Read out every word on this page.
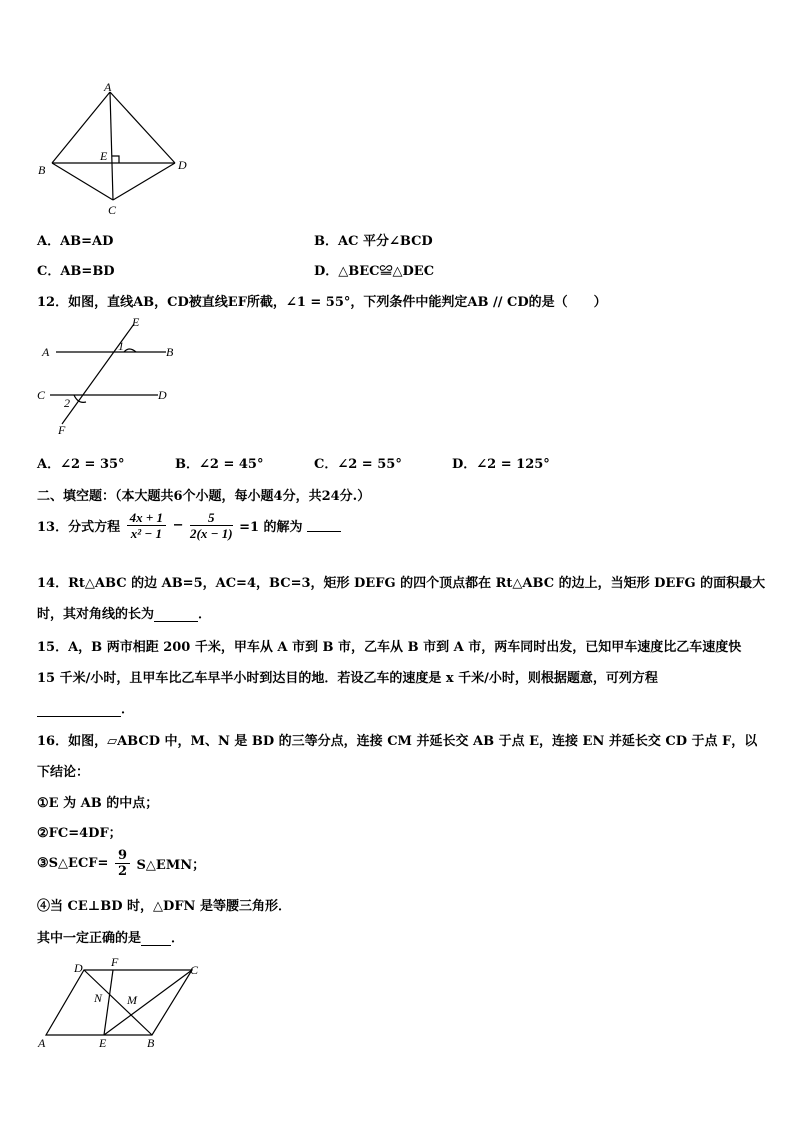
A
B
C
D
E
A．AB=AD	B．AC 平分∠BCD
C．AB=BD	D．△BEC≌△DEC
12．如图，直线AB，CD被直线EF所截，∠1 = 55°，下列条件中能判定AB // CD的是（　　）
E
A	B
C	D
F
1
2
A．∠2 = 35°	B．∠2 = 45°	C．∠2 = 55°	D．∠2 = 125°
二、填空题：（本大题共6个小题，每小题4分，共24分.）
13．分式方程 $\frac{4x + 1}{\text{x² − 1}} - \frac{5}{2(x - 1)} =1$ 的解为
14．Rt△ABC 的边 AB=5，AC=4，BC=3，矩形 DEFG 的四个顶点都在 Rt△ABC 的边上，当矩形 DEFG 的面积最大
时，其对角线的长为	．
15．A，B 两市相距 200 千米，甲车从 A 市到 B 市，乙车从 B 市到 A 市，两车同时出发，已知甲车速度比乙车速度快
15 千米/小时，且甲车比乙车早半小时到达目的地．若设乙车的速度是 x 千米/小时，则根据题意，可列方程
．
16．如图，▱ABCD 中，M、N 是 BD 的三等分点，连接 CM 并延长交 AB 于点 E，连接 EN 并延长交 CD 于点 F，以
下结论：
①E 为 AB 的中点；
②FC=4DF；
③S△ECF= $\frac{9}{2}$ S△EMN；
④当 CE⊥BD 时，△DFN 是等腰三角形．
其中一定正确的是 ．
D F
C
N M
A	E	B
